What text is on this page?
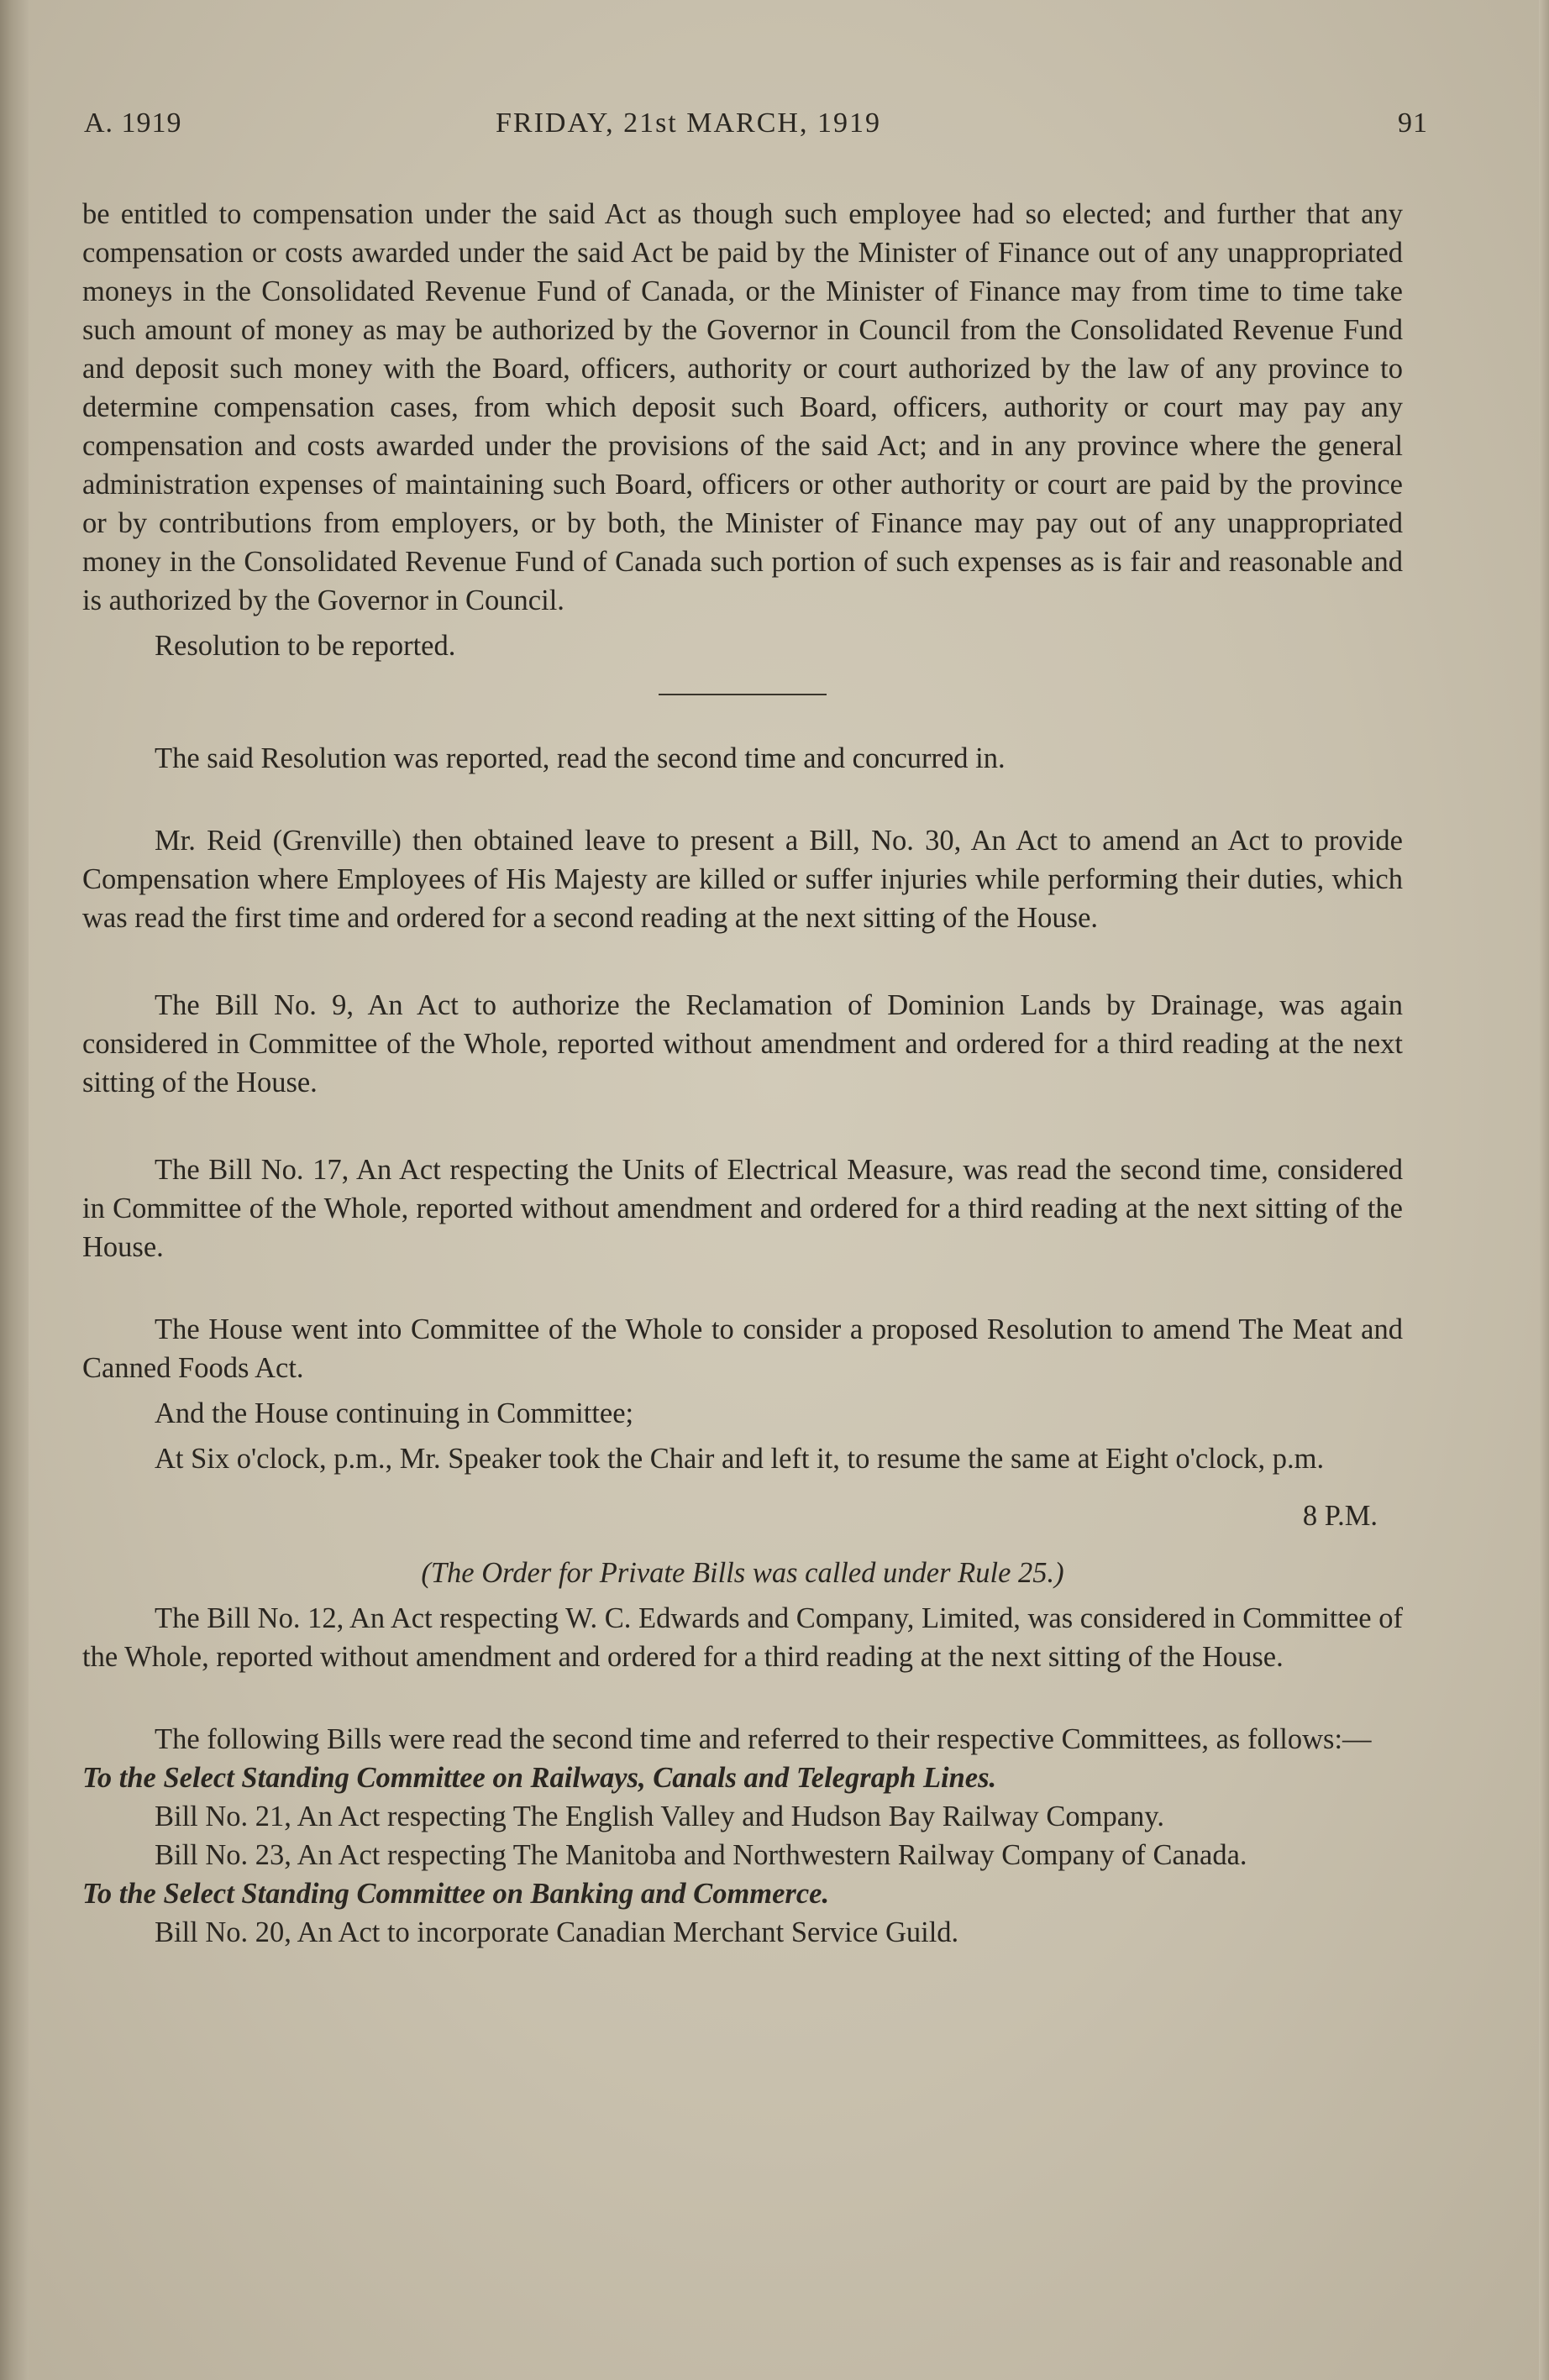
A. 1919	FRIDAY, 21st MARCH, 1919	91

be entitled to compensation under the said Act as though such employee had so elected; and further that any compensation or costs awarded under the said Act be paid by the Minister of Finance out of any unappropriated moneys in the Consolidated Revenue Fund of Canada, or the Minister of Finance may from time to time take such amount of money as may be authorized by the Governor in Council from the Consolidated Revenue Fund and deposit such money with the Board, officers, authority or court authorized by the law of any province to determine compensation cases, from which deposit such Board, officers, authority or court may pay any compensation and costs awarded under the provisions of the said Act; and in any province where the general administration expenses of maintaining such Board, officers or other authority or court are paid by the province or by contributions from employers, or by both, the Minister of Finance may pay out of any unappropriated money in the Consolidated Revenue Fund of Canada such portion of such expenses as is fair and reasonable and is authorized by the Governor in Council.

Resolution to be reported.

The said Resolution was reported, read the second time and concurred in.

Mr. Reid (Grenville) then obtained leave to present a Bill, No. 30, An Act to amend an Act to provide Compensation where Employees of His Majesty are killed or suffer injuries while performing their duties, which was read the first time and ordered for a second reading at the next sitting of the House.

The Bill No. 9, An Act to authorize the Reclamation of Dominion Lands by Drainage, was again considered in Committee of the Whole, reported without amendment and ordered for a third reading at the next sitting of the House.

The Bill No. 17, An Act respecting the Units of Electrical Measure, was read the second time, considered in Committee of the Whole, reported without amendment and ordered for a third reading at the next sitting of the House.

The House went into Committee of the Whole to consider a proposed Resolution to amend The Meat and Canned Foods Act.

And the House continuing in Committee;

At Six o'clock, p.m., Mr. Speaker took the Chair and left it, to resume the same at Eight o'clock, p.m.

8 P.M.

(The Order for Private Bills was called under Rule 25.)

The Bill No. 12, An Act respecting W. C. Edwards and Company, Limited, was considered in Committee of the Whole, reported without amendment and ordered for a third reading at the next sitting of the House.

The following Bills were read the second time and referred to their respective Committees, as follows:—

To the Select Standing Committee on Railways, Canals and Telegraph Lines.

Bill No. 21, An Act respecting The English Valley and Hudson Bay Railway Company.

Bill No. 23, An Act respecting The Manitoba and Northwestern Railway Company of Canada.

To the Select Standing Committee on Banking and Commerce.

Bill No. 20, An Act to incorporate Canadian Merchant Service Guild.
